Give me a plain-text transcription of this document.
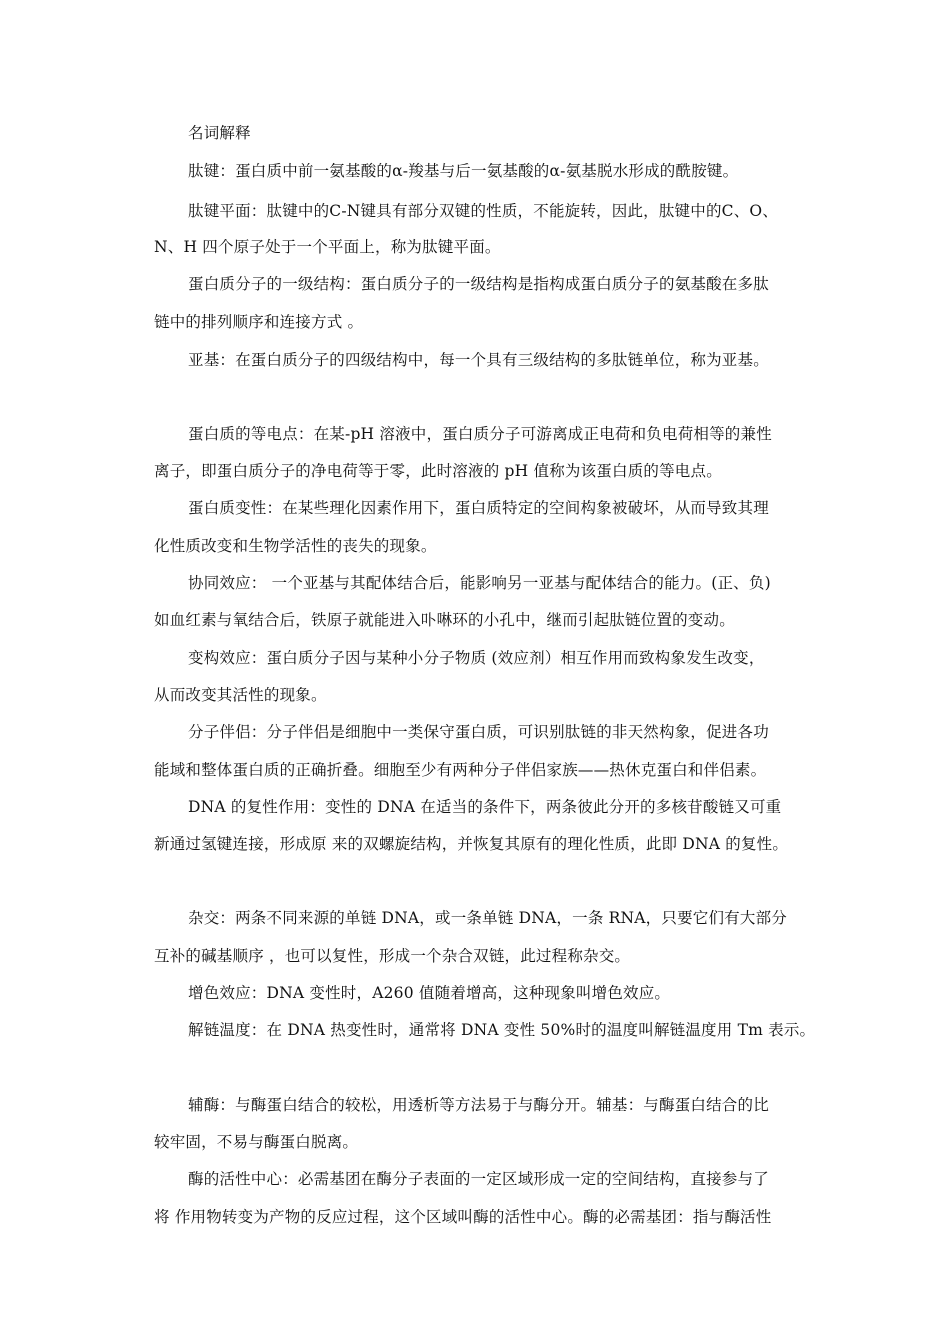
名词解释
肽键：蛋白质中前一氨基酸的α-羧基与后一氨基酸的α-氨基脱水形成的酰胺键。
肽键平面：肽键中的C-N键具有部分双键的性质，不能旋转，因此，肽键中的C、O、
N、H 四个原子处于一个平面上，称为肽键平面。
蛋白质分子的一级结构：蛋白质分子的一级结构是指构成蛋白质分子的氨基酸在多肽
链中的排列顺序和连接方式 。
亚基：在蛋白质分子的四级结构中，每一个具有三级结构的多肽链单位，称为亚基。
蛋白质的等电点：在某-pH 溶液中，蛋白质分子可游离成正电荷和负电荷相等的兼性
离子，即蛋白质分子的净电荷等于零，此时溶液的 pH 值称为该蛋白质的等电点。
蛋白质变性：在某些理化因素作用下，蛋白质特定的空间构象被破坏，从而导致其理
化性质改变和生物学活性的丧失的现象。
协同效应： 一个亚基与其配体结合后，能影响另一亚基与配体结合的能力。(正、负)
如血红素与氧结合后，铁原子就能进入卟啉环的小孔中，继而引起肽链位置的变动。
变构效应：蛋白质分子因与某种小分子物质 (效应剂）相互作用而致构象发生改变，
从而改变其活性的现象。
分子伴侣：分子伴侣是细胞中一类保守蛋白质，可识别肽链的非天然构象，促进各功
能域和整体蛋白质的正确折叠。细胞至少有两种分子伴侣家族——热休克蛋白和伴侣素。
DNA 的复性作用：变性的 DNA 在适当的条件下，两条彼此分开的多核苷酸链又可重
新通过氢键连接，形成原 来的双螺旋结构，并恢复其原有的理化性质，此即 DNA 的复性。
杂交：两条不同来源的单链 DNA，或一条单链 DNA，一条 RNA，只要它们有大部分
互补的碱基顺序 ，也可以复性，形成一个杂合双链，此过程称杂交。
增色效应：DNA 变性时，A260 值随着增高，这种现象叫增色效应。
解链温度：在 DNA 热变性时，通常将 DNA 变性 50%时的温度叫解链温度用 Tm 表示。
辅酶：与酶蛋白结合的较松，用透析等方法易于与酶分开。辅基：与酶蛋白结合的比
较牢固，不易与酶蛋白脱离。
酶的活性中心：必需基团在酶分子表面的一定区域形成一定的空间结构，直接参与了
将 作用物转变为产物的反应过程，这个区域叫酶的活性中心。酶的必需基团：指与酶活性
